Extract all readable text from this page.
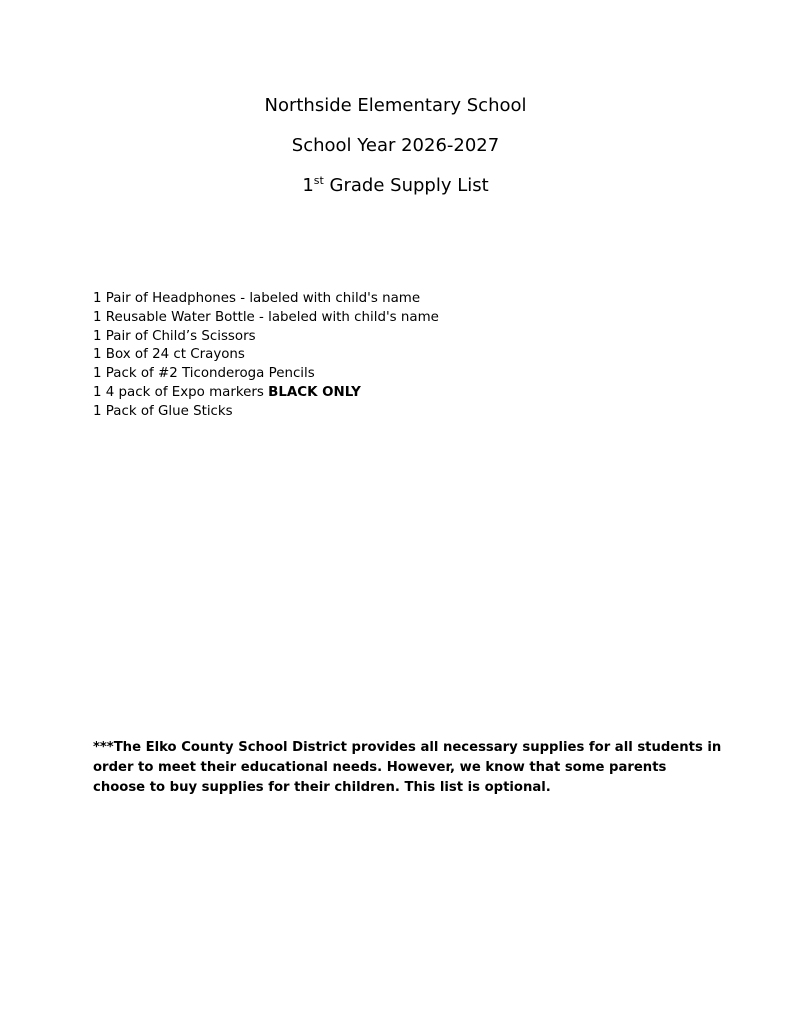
Northside Elementary School
School Year 2026-2027
1st Grade Supply List
1 Pair of Headphones - labeled with child's name
1 Reusable Water Bottle - labeled with child's name
1 Pair of Child’s Scissors
1 Box of 24 ct Crayons
1 Pack of #2 Ticonderoga Pencils
1 4 pack of Expo markers BLACK ONLY
1 Pack of Glue Sticks
***The Elko County School District provides all necessary supplies for all students in
order to meet their educational needs. However, we know that some parents
choose to buy supplies for their children. This list is optional.
